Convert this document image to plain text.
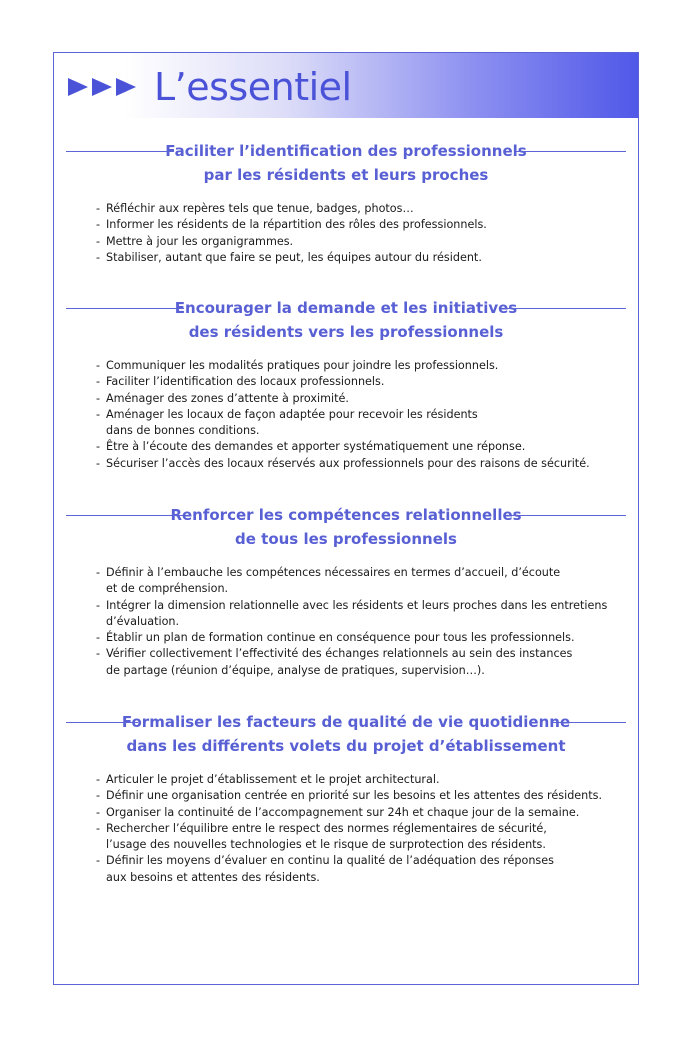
L’essentiel
Faciliter l’identification des professionnels
par les résidents et leurs proches
- Réfléchir aux repères tels que tenue, badges, photos…
- Informer les résidents de la répartition des rôles des professionnels.
- Mettre à jour les organigrammes.
- Stabiliser, autant que faire se peut, les équipes autour du résident.
Encourager la demande et les initiatives
des résidents vers les professionnels
- Communiquer les modalités pratiques pour joindre les professionnels.
- Faciliter l’identification des locaux professionnels.
- Aménager des zones d’attente à proximité.
- Aménager les locaux de façon adaptée pour recevoir les résidents
dans de bonnes conditions.
- Être à l’écoute des demandes et apporter systématiquement une réponse.
- Sécuriser l’accès des locaux réservés aux professionnels pour des raisons de sécurité.
Renforcer les compétences relationnelles
de tous les professionnels
- Définir à l’embauche les compétences nécessaires en termes d’accueil, d’écoute
et de compréhension.
- Intégrer la dimension relationnelle avec les résidents et leurs proches dans les entretiens
d’évaluation.
- Établir un plan de formation continue en conséquence pour tous les professionnels.
- Vérifier collectivement l’effectivité des échanges relationnels au sein des instances
de partage (réunion d’équipe, analyse de pratiques, supervision…).
Formaliser les facteurs de qualité de vie quotidienne
dans les différents volets du projet d’établissement
- Articuler le projet d’établissement et le projet architectural.
- Définir une organisation centrée en priorité sur les besoins et les attentes des résidents.
- Organiser la continuité de l’accompagnement sur 24h et chaque jour de la semaine.
- Rechercher l’équilibre entre le respect des normes réglementaires de sécurité,
l’usage des nouvelles technologies et le risque de surprotection des résidents.
- Définir les moyens d’évaluer en continu la qualité de l’adéquation des réponses
aux besoins et attentes des résidents.
